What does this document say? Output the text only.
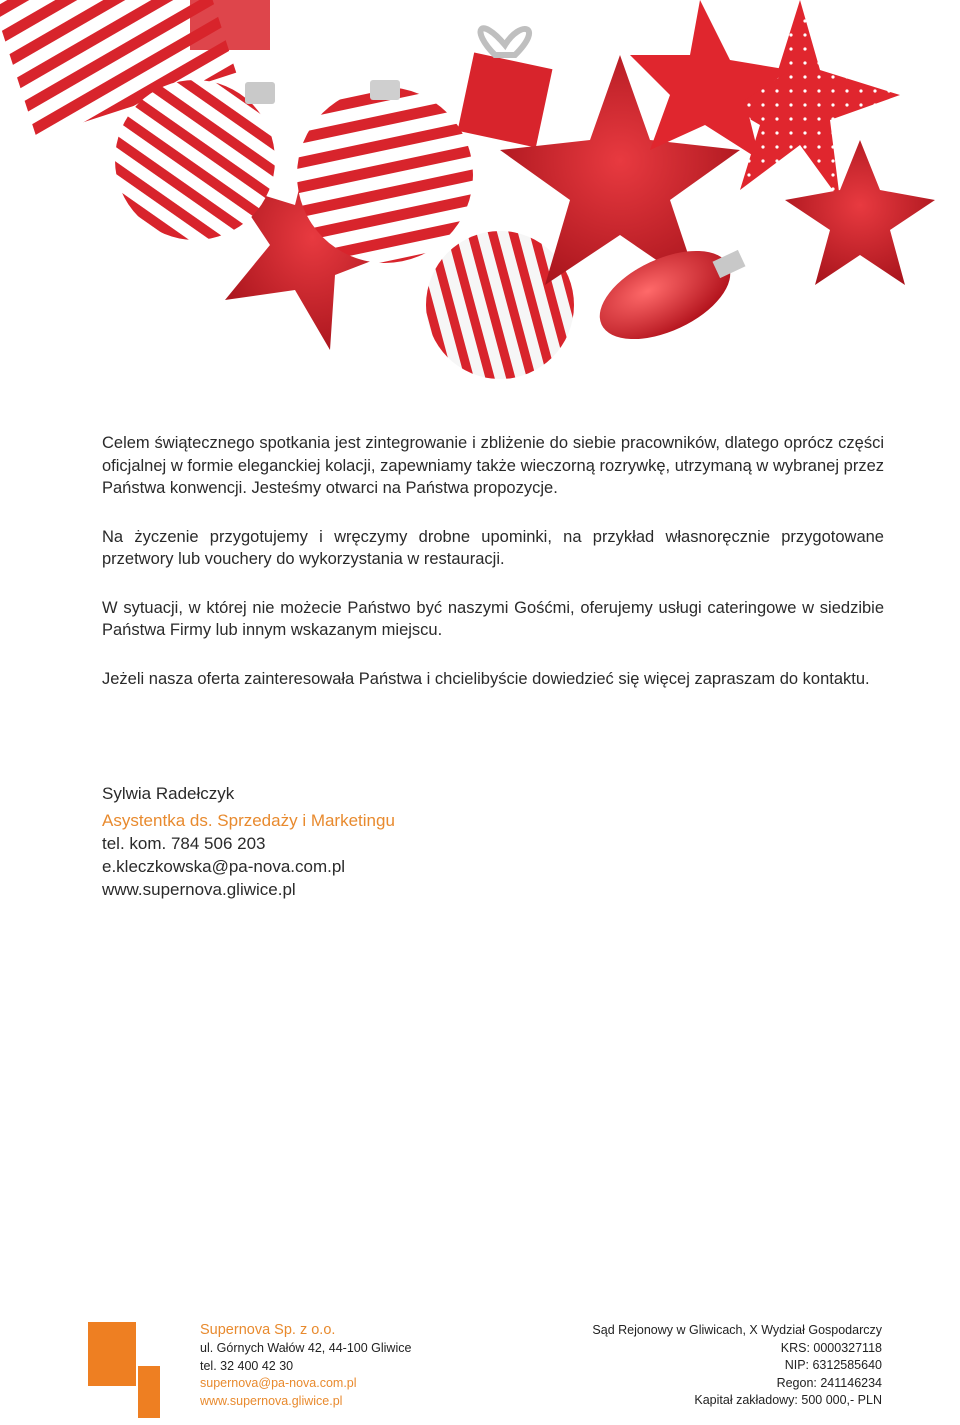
Celem świątecznego spotkania jest zintegrowanie i zbliżenie do siebie pracowników, dlatego oprócz części oficjalnej w formie eleganckiej kolacji, zapewniamy także wieczorną rozrywkę, utrzymaną w wybranej przez Państwa konwencji. Jesteśmy otwarci na Państwa propozycje.

Na życzenie przygotujemy i wręczymy drobne upominki, na przykład własnoręcznie przygotowane przetwory lub vouchery do wykorzystania w restauracji.

W sytuacji, w której nie możecie Państwo być naszymi Gośćmi, oferujemy usługi cateringowe w siedzibie Państwa Firmy lub innym wskazanym miejscu.

Jeżeli nasza oferta zainteresowała Państwa i chcielibyście dowiedzieć się więcej zapraszam do kontaktu.

Sylwia Radełczyk
Asystentka ds. Sprzedaży i Marketingu
tel. kom. 784 506 203
e.kleczkowska@pa-nova.com.pl
www.supernova.gliwice.pl
Supernova Sp. z o.o.
ul. Górnych Wałów 42, 44-100 Gliwice
tel. 32 400 42 30
supernova@pa-nova.com.pl
www.supernova.gliwice.pl
Sąd Rejonowy w Gliwicach, X Wydział Gospodarczy
KRS: 0000327118
NIP: 6312585640
Regon: 241146234
Kapitał zakładowy: 500 000,- PLN
